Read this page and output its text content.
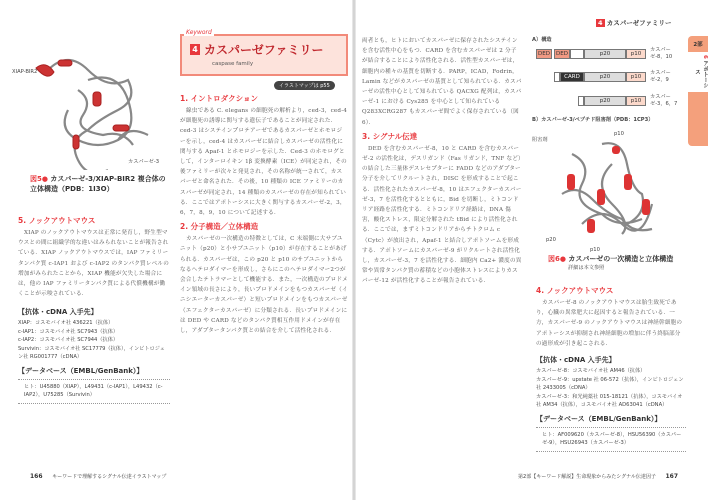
XIAP-BIR2
カスパーゼ-3
図5● カスパーゼ-3/XIAP-BIR2 複合体の立体構造（PDB：1I3O）
5. ノックアウトマウス
XIAP のノックアウトマウスは正常に発育し，野生型マウスとの間に組織学的な違いはみられないことが報告されている．XIAP ノックアウトマウスでは，IAP ファミリータンパク質 c-IAP1 および c-IAP2 のタンパク質レベルの増加がみられたことから，XIAP 機能が欠失した場合には，他の IAP ファミリータンパク質による代償機構が働くことが示唆されている．
【抗体・cDNA 入手先】
XIAP：コスモバイオ社 436221（抗体）
c-IAP1：コスモバイオ社 SC7943（抗体）
c-IAP2：コスモバイオ社 SC7944（抗体）
Survivin：コスモバイオ社 SC17779（抗体），インビトロジェン社 RG001777（cDNA）
【データベース（EMBL/GenBank）】
ヒト：U45880（XIAP），L49431（c-IAP1），L49432（c-IAP2），U75285（Survivin）
Keyword
4 カスパーゼファミリー
caspase family
イラストマップは p55
1. イントロダクション
線虫である C. elegans の細胞死の解析より，ced-3，ced-4 が細胞死の誘導に関与する遺伝子であることが同定された．ced-3 はシステインプロテアーゼであるカスパーゼとホモロジーを示し，ced-4 はカスパーゼに結合しカスパーゼの活性化に関与する Apaf-1 とホモロジーを示した．Ced-3 のホモログとして，インターロイキン 1β 変換酵素（ICE）が同定され，その後ファミリーが次々と発見され，その名称が統一されて，カスパーゼと命名された．その後，10 種類の ICE ファミリーのカスパーゼが同定され，14 種類のカスパーゼの存在が知られている．ここではアポトーシスに大きく関与するカスパーゼ-2，3，6，7，8，9，10 について記述する．
2. 分子構造／立体構造
カスパーゼの一次構造の特徴としては，C 末端側に大サブユニット（p20）と小サブユニット（p10）が存在することがあげられる．カスパーゼは，この p20 と p10 のサブユニットからなるヘテロダイマーを形成し，さらにこのヘテロダイマー2つが会合したテトラマーとして機能する．また，一次構造のプロドメイン領域の長さにより，長いプロドメインをもつカスパーゼ（イニシエーターカスパーゼ）と短いプロドメインをもつカスパーゼ（エフェクターカスパーゼ）に分類される．長いプロドメインには DED や CARD などのタンパク質相互作用ドメインが存在し，アダプタータンパク質との結合を介して活性化される．
166 キーワードで理解するシグナル伝達イラストマップ
両者とも，ヒトにおいてカスパーゼに保存されたシステインを含む活性中心をもつ．CARD を含むカスパーゼは 2 分子が結合することにより活性化される．活性型カスパーゼは，細胞内の種々の基質を切断する．PARP，ICAD，Fodrin，Lamin などがカスパーゼの基質として知られている．カスパーゼの活性中心として知られている QACXG 配列は，カスパーゼ-1 における Cys285 を中心として知られている Q283XCRG287 もカスパーゼ間でよく保存されている（図6）．
3. シグナル伝達
DED を含むカスパーゼ-8，10 と CARD を含むカスパーゼ-2 の活性化は，デスリガンド（Fas リガンド，TNF など）の結合した三量体デスレセプターに FADD などのアダプター分子を介してリクルートされ，DISC を形成することで起こる．活性化されたカスパーゼ-8，10 はエフェクターカスパーゼ-3，7 を活性化するとともに，Bid を切断し，ミトコンドリア経路を活性化する．ミトコンドリア経路は，DNA 傷害，酸化ストレス，限定分解された tBid により活性化される．ここでは，まずミトコンドリアからチトクロム c（Cytc）が放出され，Apaf-1 と結合しアポトソームを形成する．アポトソームにカスパーゼ-9 がリクルートされ活性化し，カスパーゼ-3，7 を活性化する．細胞内 Ca2+ 濃度の異常や異常タンパク質の蓄積などの小胞体ストレスによりカスパーゼ-12 が活性化することが報告されている．
4 カスパーゼファミリー
2部
6 アポトーシス
A）構造
DED	DED	p20	p10
カスパーゼ-8，10
CARD	p20	p10
カスパーゼ-2，9
p20	p10
カスパーゼ-3，6，7
B）カスパーゼ-3/ペプチド阻害剤（PDB：1CP3）
阻害剤
p10
p20
p10
図6● カスパーゼの一次構造と立体構造
詳細は本文参照
4. ノックアウトマウス
カスパーゼ-8 のノックアウトマウスは胎生致死であり，心臓の異常肥大に起因すると報告されている．一方，カスパーゼ-9 のノックアウトマウスは神経幹細胞のアポトーシスが抑制され神経細胞の増加に伴う終脳部分の過形成が引き起こされる．
【抗体・cDNA 入手先】
カスパーゼ-8：コスモバイオ社 AM46（抗体）
カスパーゼ-9：upstate 社 06-572（抗体），インビトロジェン社 2433005（cDNA）
カスパーゼ-3：和光純薬社 015-18121（抗体），コスモバイオ社 AM34（抗体），コスモバイオ社 AD63041（cDNA）
【データベース（EMBL/GenBank）】
ヒト：AF009620（カスパーゼ-8），HSU56390（カスパーゼ-9），HSU26943（カスパーゼ-3）
第2部【キーワード解説】生命現象からみたシグナル伝達因子 167
